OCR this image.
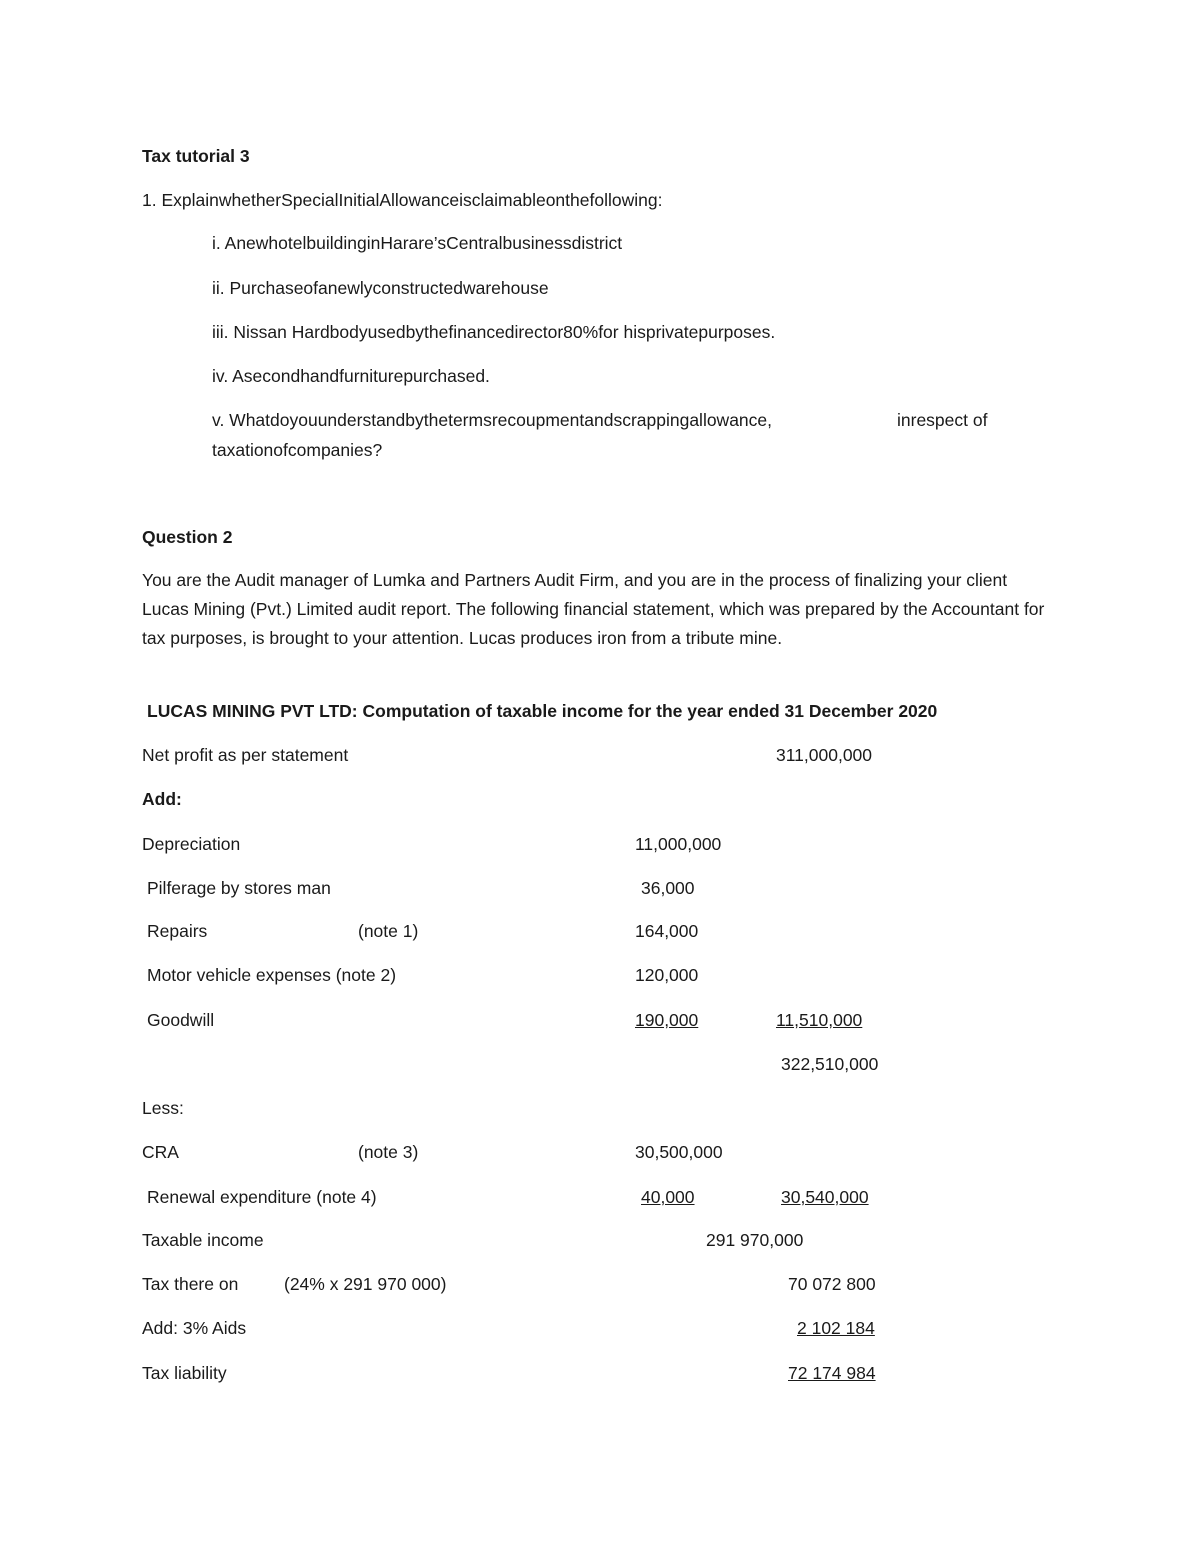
Tax tutorial 3
1. ExplainwhetherSpecialInitialAllowanceisclaimableonthefollowing:
i. AnewhotelbuildinginHarare’sCentralbusinessdistrict
ii. Purchaseofanewlyconstructedwarehouse
iii. Nissan Hardbodyusedbythefinancedirector80%for hisprivatepurposes.
iv. Asecondhandfurniturepurchased.
v. Whatdoyouunderstandbythetermsrecoupmentandscrappingallowance,	inrespect of
taxationofcompanies?
Question 2
You are the Audit manager of Lumka and Partners Audit Firm, and you are in the process of finalizing your client Lucas Mining (Pvt.) Limited audit report. The following financial statement, which was prepared by the Accountant for tax purposes, is brought to your attention. Lucas produces iron from a tribute mine.
LUCAS MINING PVT LTD: Computation of taxable income for the year ended 31 December 2020
Net profit as per statement	311,000,000
Add:
Depreciation	11,000,000
Pilferage by stores man	36,000
Repairs	(note 1)	164,000
Motor vehicle expenses (note 2)	120,000
Goodwill	190,000	11,510,000
322,510,000
Less:
CRA	(note 3)	30,500,000
Renewal expenditure (note 4)	40,000	30,540,000
Taxable income	291 970,000
Tax there on	(24% x 291 970 000)	70 072 800
Add: 3% Aids	2 102 184
Tax liability	72 174 984
